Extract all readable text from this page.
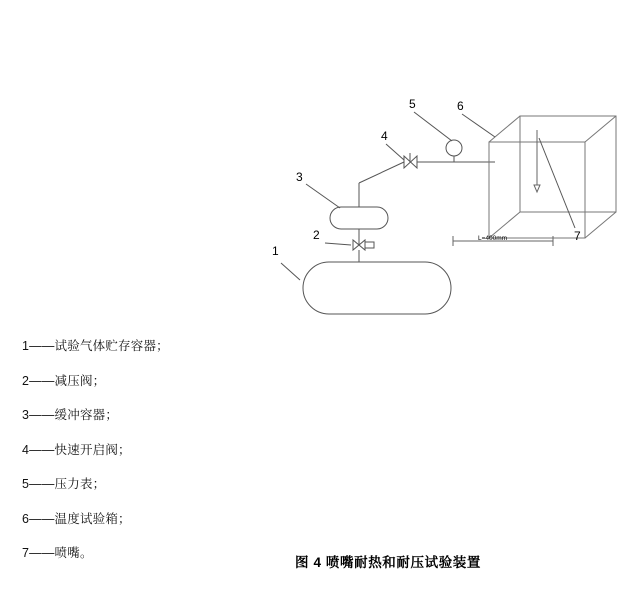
1
2
3
4
5	6
7
L=400mm
1——试验气体贮存容器；
2——减压阀；
3——缓冲容器；
4——快速开启阀；
5——压力表；
6——温度试验箱；
7——喷嘴。
图 4 喷嘴耐热和耐压试验装置
